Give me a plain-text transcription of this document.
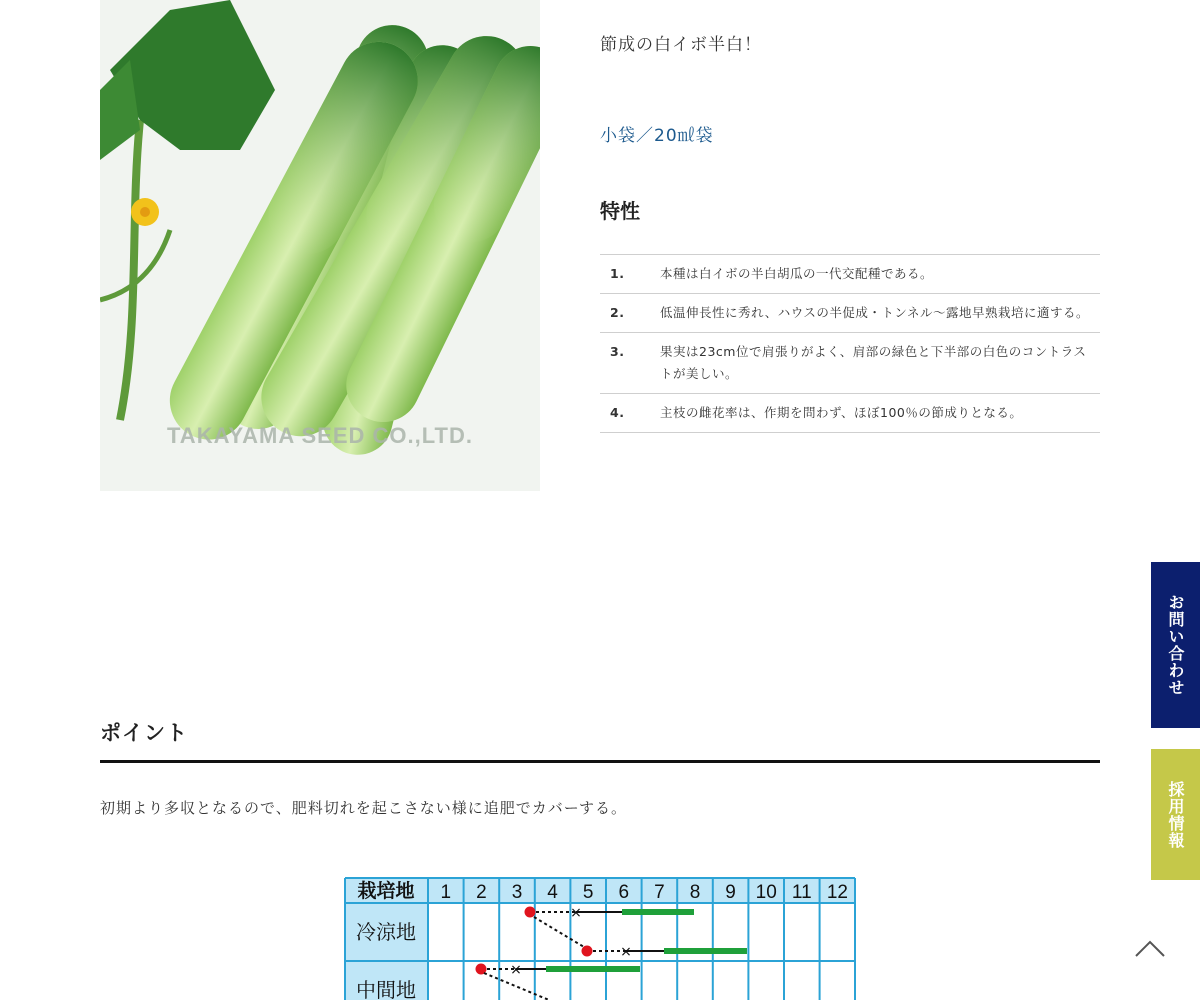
TAKAYAMA SEED CO.,LTD.
節成の白イボ半白！
小袋／20㎖袋
特性
1.	本種は白イボの半白胡瓜の一代交配種である。
2.	低温伸長性に秀れ、ハウスの半促成・トンネル～露地早熟栽培に適する。
3.	果実は23cm位で肩張りがよく、肩部の緑色と下半部の白色のコントラストが美しい。
4.	主枝の雌花率は、作期を問わず、ほぼ100％の節成りとなる。
お問い合わせ
採用情報
ポイント
初期より多収となるので、肥料切れを起こさない様に追肥でカバーする。
栽培地 1 2 3 4 5 6 7 8 9 10 11 12
冷涼地
中間地
×
×
×
